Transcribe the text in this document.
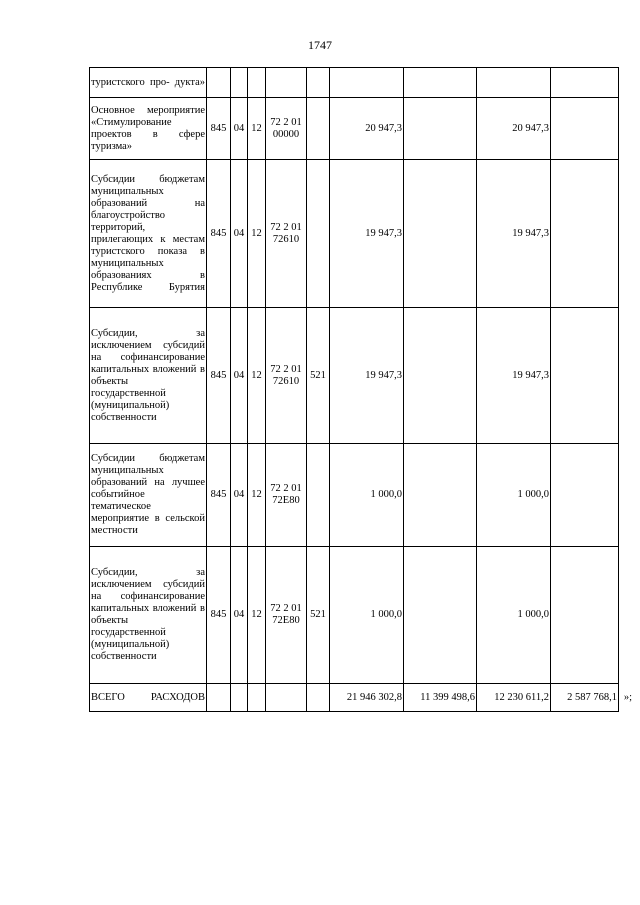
1747
туристского про- дукта»									
Основное мероприятие «Стимулирование проектов в сфере туризма»	845	04	12	72 2 01 00000		20 947,3		20 947,3	
Субсидии бюджетам муниципальных образований на благоустройство территорий, прилегающих к местам туристского показа в муниципальных образованиях в Республике Бурятия	845	04	12	72 2 01 72610		19 947,3		19 947,3	
Субсидии, за исключением субсидий на софинансирование капитальных вложений в объекты государственной (муниципальной) собственности	845	04	12	72 2 01 72610	521	19 947,3		19 947,3	
Субсидии бюджетам муниципальных образований на лучшее событийное тематическое мероприятие в сельской местности	845	04	12	72 2 01 72Е80		1 000,0		1 000,0	
Субсидии, за исключением субсидий на софинансирование капитальных вложений в объекты государственной (муниципальной) собственности	845	04	12	72 2 01 72Е80	521	1 000,0		1 000,0	
ВСЕГО РАСХОДОВ						21 946 302,8	11 399 498,6	12 230 611,2	2 587 768,1 »;
